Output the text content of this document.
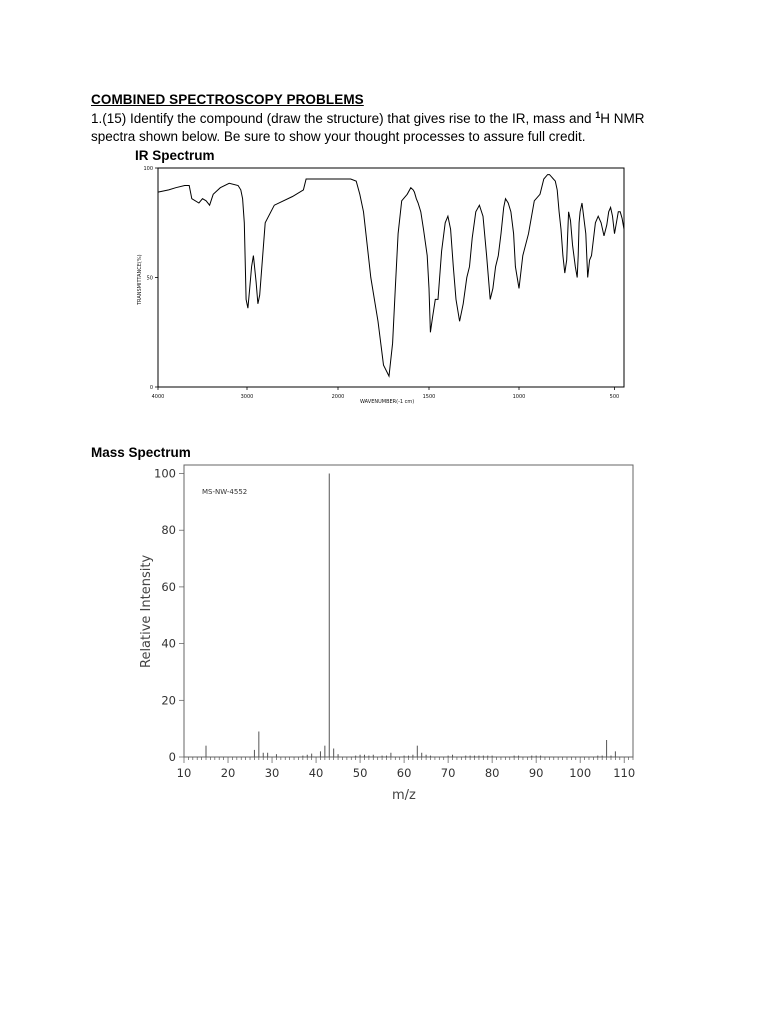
COMBINED SPECTROSCOPY PROBLEMS
1.(15) Identify the compound (draw the structure) that gives rise to the IR, mass and $^1$H NMR
spectra shown below. Be sure to show your thought processes to assure full credit.
IR Spectrum
Mass Spectrum
4000	3000	2000	1500	1000	500
0
50
100
WAVENUMBER(-1 cm)
TRANSMITTANCE(%)
10	20	30	40	50	60	70	80	90 100 110
0
20
40
60
80
100
MS-NW-4552
m/z
Relative Intensity
